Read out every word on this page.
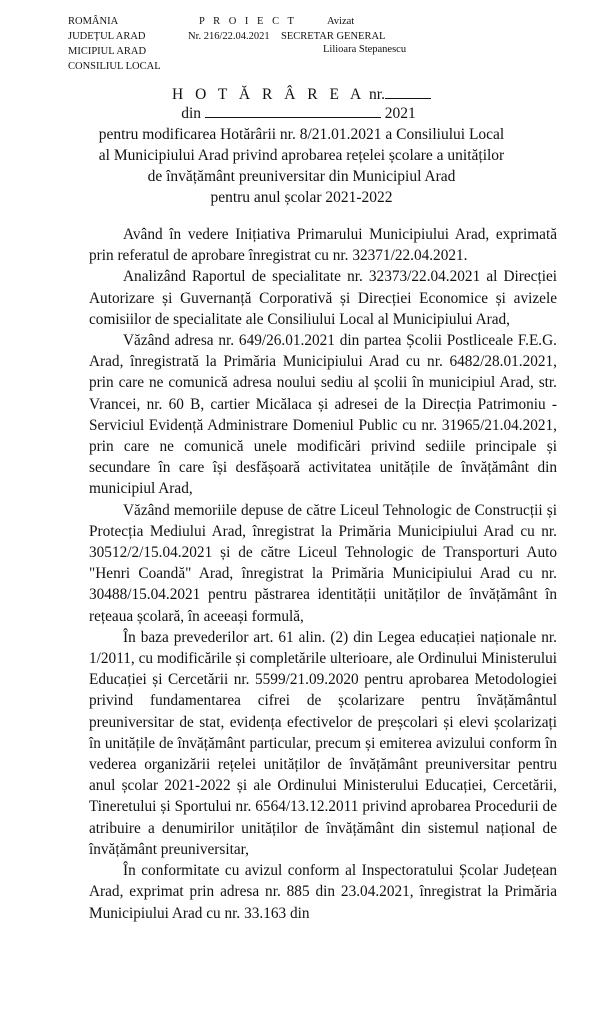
ROMÂNIA
JUDEȚUL ARAD
MICIPIUL ARAD
CONSILIUL LOCAL
P R O I E C T
Nr. 216/22.04.2021
Avizat
SECRETAR GENERAL
Lilioara Stepanescu
H O T Ă R Â R E A nr.
din	2021
pentru modificarea Hotărârii nr. 8/21.01.2021 a Consiliului Local
al Municipiului Arad privind aprobarea rețelei școlare a unităților
de învățământ preuniversitar din Municipiul Arad
pentru anul școlar 2021-2022

Având în vedere Inițiativa Primarului Municipiului Arad, exprimată prin referatul de aprobare înregistrat cu nr. 32371/22.04.2021.

Analizând Raportul de specialitate nr. 32373/22.04.2021 al Direcției Autorizare și Guvernanță Corporativă și Direcției Economice și avizele comisiilor de specialitate ale Consiliului Local al Municipiului Arad,

Văzând adresa nr. 649/26.01.2021 din partea Școlii Postliceale F.E.G. Arad, înregistrată la Primăria Municipiului Arad cu nr. 6482/28.01.2021, prin care ne comunică adresa noului sediu al școlii în municipiul Arad, str. Vrancei, nr. 60 B, cartier Micălaca și adresei de la Direcția Patrimoniu - Serviciul Evidență Administrare Domeniul Public cu nr. 31965/21.04.2021, prin care ne comunică unele modificări privind sediile principale și secundare în care își desfășoară activitatea unitățile de învățământ din municipiul Arad,

Văzând memoriile depuse de către Liceul Tehnologic de Construcții și Protecția Mediului Arad, înregistrat la Primăria Municipiului Arad cu nr. 30512/2/15.04.2021 și de către Liceul Tehnologic de Transporturi Auto "Henri Coandă" Arad, înregistrat la Primăria Municipiului Arad cu nr. 30488/15.04.2021 pentru păstrarea identității unităților de învățământ în rețeaua școlară, în aceeași formulă,

În baza prevederilor art. 61 alin. (2) din Legea educației naționale nr. 1/2011, cu modificările și completările ulterioare, ale Ordinului Ministerului Educației și Cercetării nr. 5599/21.09.2020 pentru aprobarea Metodologiei privind fundamentarea cifrei de școlarizare pentru învățământul preuniversitar de stat, evidența efectivelor de preșcolari și elevi școlarizați în unitățile de învățământ particular, precum și emiterea avizului conform în vederea organizării rețelei unităților de învățământ preuniversitar pentru anul școlar 2021-2022 și ale Ordinului Ministerului Educației, Cercetării, Tineretului și Sportului nr. 6564/13.12.2011 privind aprobarea Procedurii de atribuire a denumirilor unităților de învățământ din sistemul național de învățământ preuniversitar,

În conformitate cu avizul conform al Inspectoratului Școlar Județean Arad, exprimat prin adresa nr. 885 din 23.04.2021, înregistrat la Primăria Municipiului Arad cu nr. 33.163 din
